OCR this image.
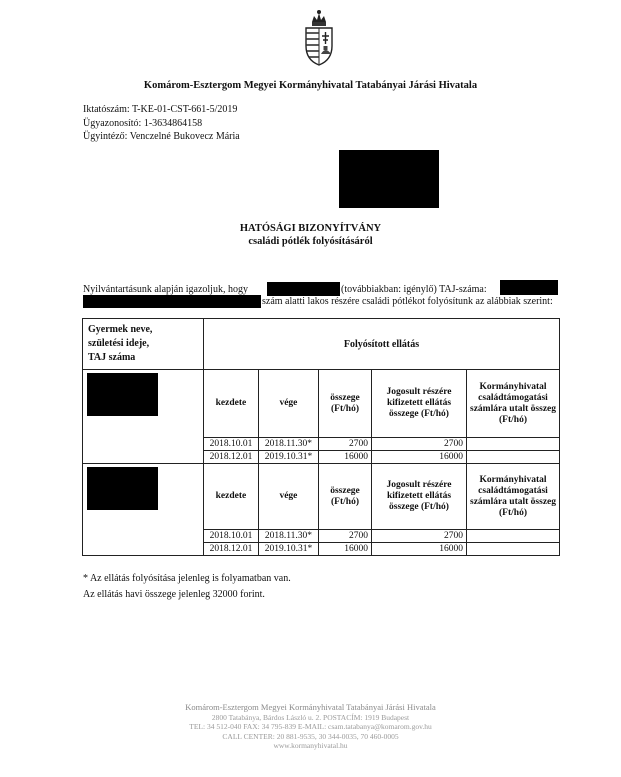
Komárom-Esztergom Megyei Kormányhivatal Tatabányai Járási Hivatala
Iktatószám: T-KE-01-CST-661-5/2019
Ügyazonosító: 1-3634864158
Ügyintéző: Venczelné Bukovecz Mária
HATÓSÁGI BIZONYÍTVÁNY
családi pótlék folyósításáról
Nyilvántartásunk alapján igazoljuk, hogy	(továbbiakban: igénylő) TAJ-száma:
szám alatti lakos részére családi pótlékot folyósítunk az alábbiak szerint:
Gyermek neve,
születési ideje,
TAJ száma	Folyósított ellátás				

	kezdete	vége	összege (Ft/hó)	Jogosult részére kifizetett ellátás összege (Ft/hó)	Kormányhivatal családtámogatási számlára utalt összeg (Ft/hó)
	2018.10.01	2018.11.30*	2700	2700	
	2018.12.01	2019.10.31*	16000	16000	

	kezdete	vége	összege (Ft/hó)	Jogosult részére kifizetett ellátás összege (Ft/hó)	Kormányhivatal családtámogatási számlára utalt összeg (Ft/hó)
	2018.10.01	2018.11.30*	2700	2700	
	2018.12.01	2019.10.31*	16000	16000	
* Az ellátás folyósítása jelenleg is folyamatban van.
Az ellátás havi összege jelenleg 32000 forint.
Komárom-Esztergom Megyei Kormányhivatal Tatabányai Járási Hivatala
2800 Tatabánya, Bárdos László u. 2. POSTACÍM: 1919 Budapest
TEL: 34 512-040 FAX: 34 795-839 E-MAIL: csam.tatabanya@komarom.gov.hu
CALL CENTER: 20 881-9535, 30 344-0035, 70 460-0005
www.kormanyhivatal.hu
